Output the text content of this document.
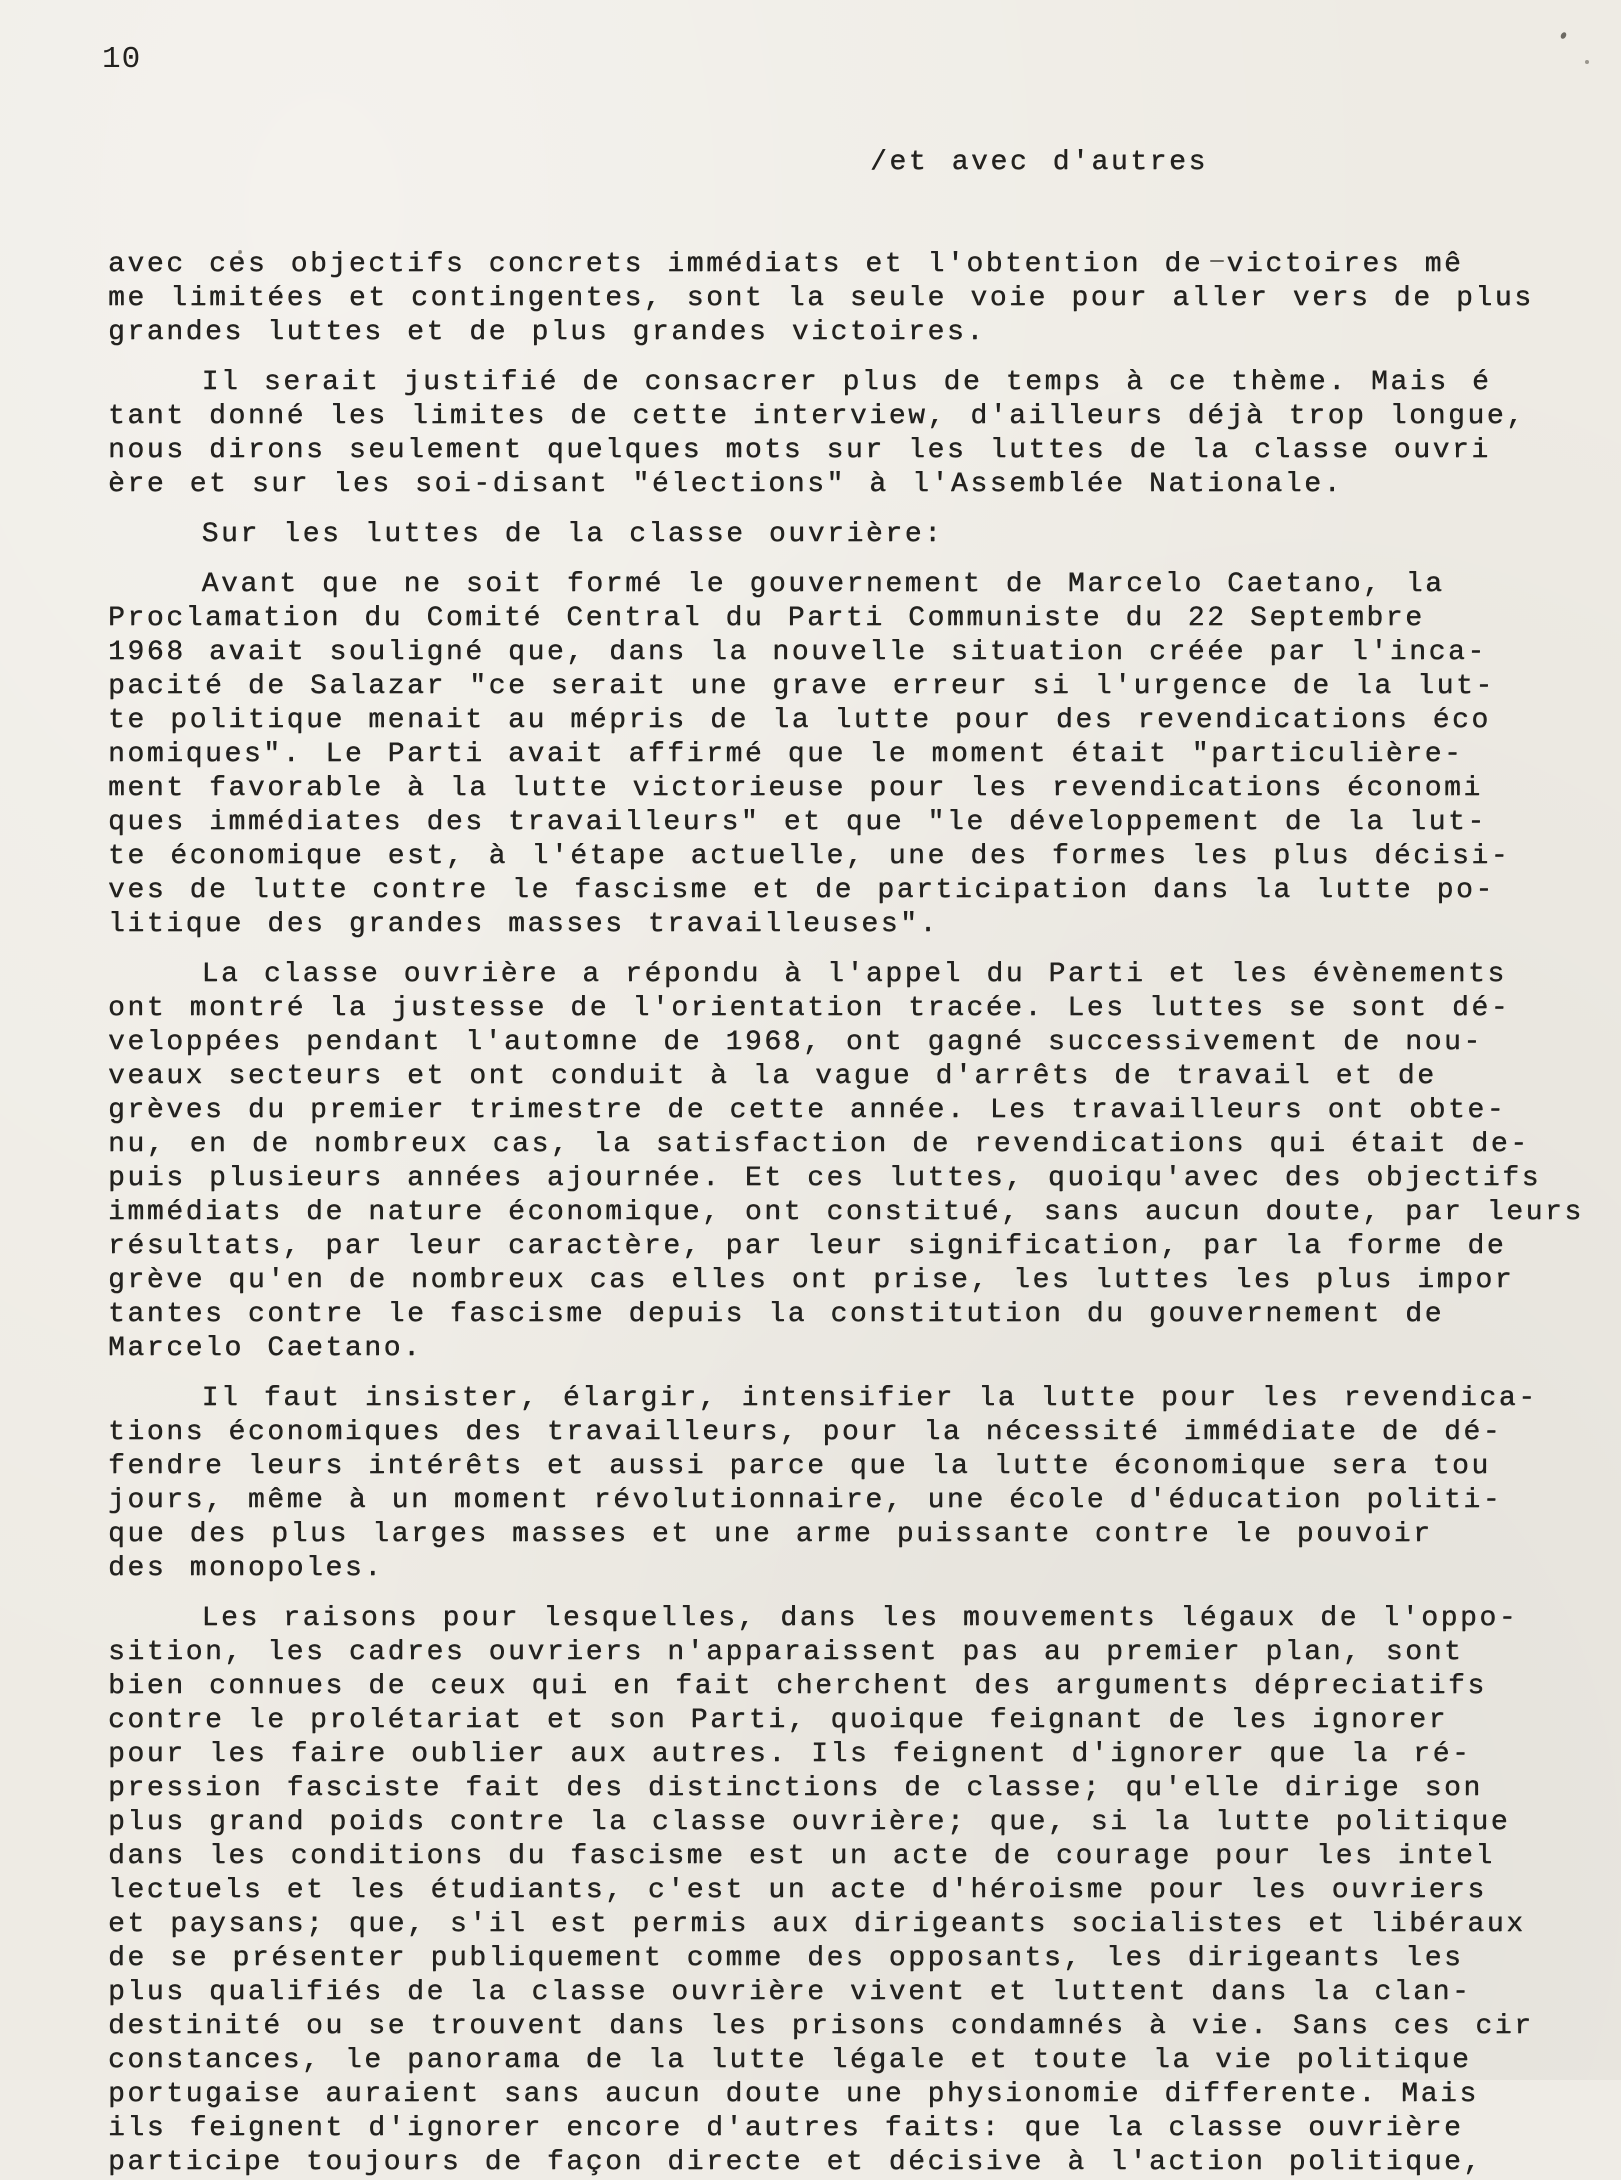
10

/et avec d'autres

avec ces objectifs concrets immédiats et l'obtention de victoires mê
me limitées et contingentes, sont la seule voie pour aller vers de plus
grandes luttes et de plus grandes victoires.
Il serait justifié de consacrer plus de temps à ce thème. Mais é
tant donné les limites de cette interview, d'ailleurs déjà trop longue,
nous dirons seulement quelques mots sur les luttes de la classe ouvri
ère et sur les soi-disant "élections" à l'Assemblée Nationale.
Sur les luttes de la classe ouvrière:
Avant que ne soit formé le gouvernement de Marcelo Caetano, la
Proclamation du Comité Central du Parti Communiste du 22 Septembre
1968 avait souligné que, dans la nouvelle situation créée par l'inca-
pacité de Salazar "ce serait une grave erreur si l'urgence de la lut-
te politique menait au mépris de la lutte pour des revendications éco
nomiques". Le Parti avait affirmé que le moment était "particulière-
ment favorable à la lutte victorieuse pour les revendications économi
ques immédiates des travailleurs" et que "le développement de la lut-
te économique est, à l'étape actuelle, une des formes les plus décisi-
ves de lutte contre le fascisme et de participation dans la lutte po-
litique des grandes masses travailleuses".
La classe ouvrière a répondu à l'appel du Parti et les évènements
ont montré la justesse de l'orientation tracée. Les luttes se sont dé-
veloppées pendant l'automne de 1968, ont gagné successivement de nou-
veaux secteurs et ont conduit à la vague d'arrêts de travail et de
grèves du premier trimestre de cette année. Les travailleurs ont obte-
nu, en de nombreux cas, la satisfaction de revendications qui était de-
puis plusieurs années ajournée. Et ces luttes, quoiqu'avec des objectifs
immédiats de nature économique, ont constitué, sans aucun doute, par leurs
résultats, par leur caractère, par leur signification, par la forme de
grève qu'en de nombreux cas elles ont prise, les luttes les plus impor
tantes contre le fascisme depuis la constitution du gouvernement de
Marcelo Caetano.
Il faut insister, élargir, intensifier la lutte pour les revendica-
tions économiques des travailleurs, pour la nécessité immédiate de dé-
fendre leurs intérêts et aussi parce que la lutte économique sera tou
jours, même à un moment révolutionnaire, une école d'éducation politi-
que des plus larges masses et une arme puissante contre le pouvoir
des monopoles.
Les raisons pour lesquelles, dans les mouvements légaux de l'oppo-
sition, les cadres ouvriers n'apparaissent pas au premier plan, sont
bien connues de ceux qui en fait cherchent des arguments dépreciatifs
contre le prolétariat et son Parti, quoique feignant de les ignorer
pour les faire oublier aux autres. Ils feignent d'ignorer que la ré-
pression fasciste fait des distinctions de classe; qu'elle dirige son
plus grand poids contre la classe ouvrière; que, si la lutte politique
dans les conditions du fascisme est un acte de courage pour les intel
lectuels et les étudiants, c'est un acte d'héroisme pour les ouvriers
et paysans; que, s'il est permis aux dirigeants socialistes et libéraux
de se présenter publiquement comme des opposants, les dirigeants les
plus qualifiés de la classe ouvrière vivent et luttent dans la clan-
destinité ou se trouvent dans les prisons condamnés à vie. Sans ces cir
constances, le panorama de la lutte légale et toute la vie politique
portugaise auraient sans aucun doute une physionomie differente. Mais
ils feignent d'ignorer encore d'autres faits: que la classe ouvrière
participe toujours de façon directe et décisive à l'action politique,
